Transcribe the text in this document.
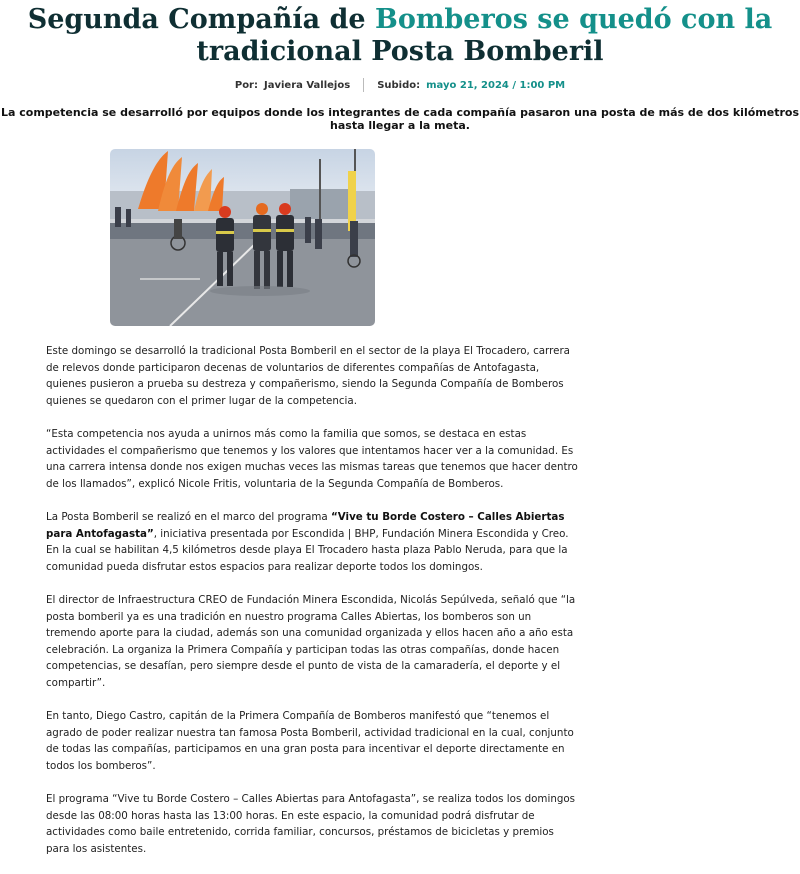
Segunda Compañía de Bomberos se quedó con la
tradicional Posta Bomberil
Por: Javiera Vallejos	Subido: mayo 21, 2024 / 1:00 PM

La competencia se desarrolló por equipos donde los integrantes de cada compañía pasaron una posta de más de dos kilómetros hasta llegar a la meta.

Este domingo se desarrolló la tradicional Posta Bomberil en el sector de la playa El Trocadero, carrera de relevos donde participaron decenas de voluntarios de diferentes compañías de Antofagasta, quienes pusieron a prueba su destreza y compañerismo, siendo la Segunda Compañía de Bomberos quienes se quedaron con el primer lugar de la competencia.

“Esta competencia nos ayuda a unirnos más como la familia que somos, se destaca en estas actividades el compañerismo que tenemos y los valores que intentamos hacer ver a la comunidad. Es una carrera intensa donde nos exigen muchas veces las mismas tareas que tenemos que hacer dentro de los llamados”, explicó Nicole Fritis, voluntaria de la Segunda Compañía de Bomberos.

La Posta Bomberil se realizó en el marco del programa “Vive tu Borde Costero – Calles Abiertas para Antofagasta”, iniciativa presentada por Escondida | BHP, Fundación Minera Escondida y Creo. En la cual se habilitan 4,5 kilómetros desde playa El Trocadero hasta plaza Pablo Neruda, para que la comunidad pueda disfrutar estos espacios para realizar deporte todos los domingos.

El director de Infraestructura CREO de Fundación Minera Escondida, Nicolás Sepúlveda, señaló que “la posta bomberil ya es una tradición en nuestro programa Calles Abiertas, los bomberos son un tremendo aporte para la ciudad, además son una comunidad organizada y ellos hacen año a año esta celebración. La organiza la Primera Compañía y participan todas las otras compañías, donde hacen competencias, se desafían, pero siempre desde el punto de vista de la camaradería, el deporte y el compartir”.

En tanto, Diego Castro, capitán de la Primera Compañía de Bomberos manifestó que “tenemos el agrado de poder realizar nuestra tan famosa Posta Bomberil, actividad tradicional en la cual, conjunto de todas las compañías, participamos en una gran posta para incentivar el deporte directamente en todos los bomberos”.

El programa “Vive tu Borde Costero – Calles Abiertas para Antofagasta”, se realiza todos los domingos desde las 08:00 horas hasta las 13:00 horas. En este espacio, la comunidad podrá disfrutar de actividades como baile entretenido, corrida familiar, concursos, préstamos de bicicletas y premios para los asistentes.
